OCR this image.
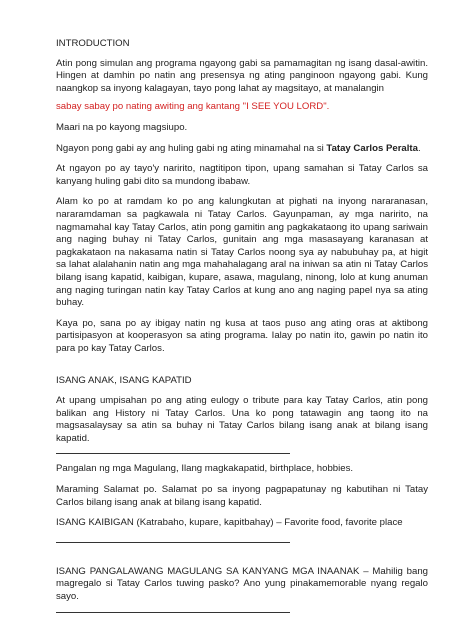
INTRODUCTION

Atin pong simulan ang programa ngayong gabi sa pamamagitan ng isang dasal-awitin. Hingen at damhin po natin ang presensya ng ating panginoon ngayong gabi. Kung naangkop sa inyong kalagayan, tayo pong lahat ay magsitayo, at manalangin

sabay sabay po nating awiting ang kantang "I SEE YOU LORD".

Maari na po kayong magsiupo.

Ngayon pong gabi ay ang huling gabi ng ating minamahal na si Tatay Carlos Peralta.

At ngayon po ay tayo'y naririto, nagtitipon tipon, upang samahan si Tatay Carlos sa kanyang huling gabi dito sa mundong ibabaw.

Alam ko po at ramdam ko po ang kalungkutan at pighati na inyong nararanasan, nararamdaman sa pagkawala ni Tatay Carlos. Gayunpaman, ay mga naririto, na nagmamahal kay Tatay Carlos, atin pong gamitin ang pagkakataong ito upang sariwain ang naging buhay ni Tatay Carlos, gunitain ang mga masasayang karanasan at pagkakataon na nakasama natin si Tatay Carlos noong sya ay nabubuhay pa, at higit sa lahat alalahanin natin ang mga mahahalagang aral na iniwan sa atin ni Tatay Carlos bilang isang kapatid, kaibigan, kupare, asawa, magulang, ninong, lolo at kung anuman ang naging turingan natin kay Tatay Carlos at kung ano ang naging papel nya sa ating buhay.

Kaya po, sana po ay ibigay natin ng kusa at taos puso ang ating oras at aktibong partisipasyon at kooperasyon sa ating programa. Ialay po natin ito, gawin po natin ito para po kay Tatay Carlos.

ISANG ANAK, ISANG KAPATID

At upang umpisahan po ang ating eulogy o tribute para kay Tatay Carlos, atin pong balikan ang History ni Tatay Carlos. Una ko pong tatawagin ang taong ito na magsasalaysay sa atin sa buhay ni Tatay Carlos bilang isang anak at bilang isang kapatid.

Pangalan ng mga Magulang, Ilang magkakapatid, birthplace, hobbies.

Maraming Salamat po. Salamat po sa inyong pagpapatunay ng kabutihan ni Tatay Carlos bilang isang anak at bilang isang kapatid.

ISANG KAIBIGAN (Katrabaho, kupare, kapitbahay) – Favorite food, favorite place

ISANG PANGALAWANG MAGULANG SA KANYANG MGA INAANAK – Mahilig bang magregalo si Tatay Carlos tuwing pasko? Ano yung pinakamemorable nyang regalo sayo.
